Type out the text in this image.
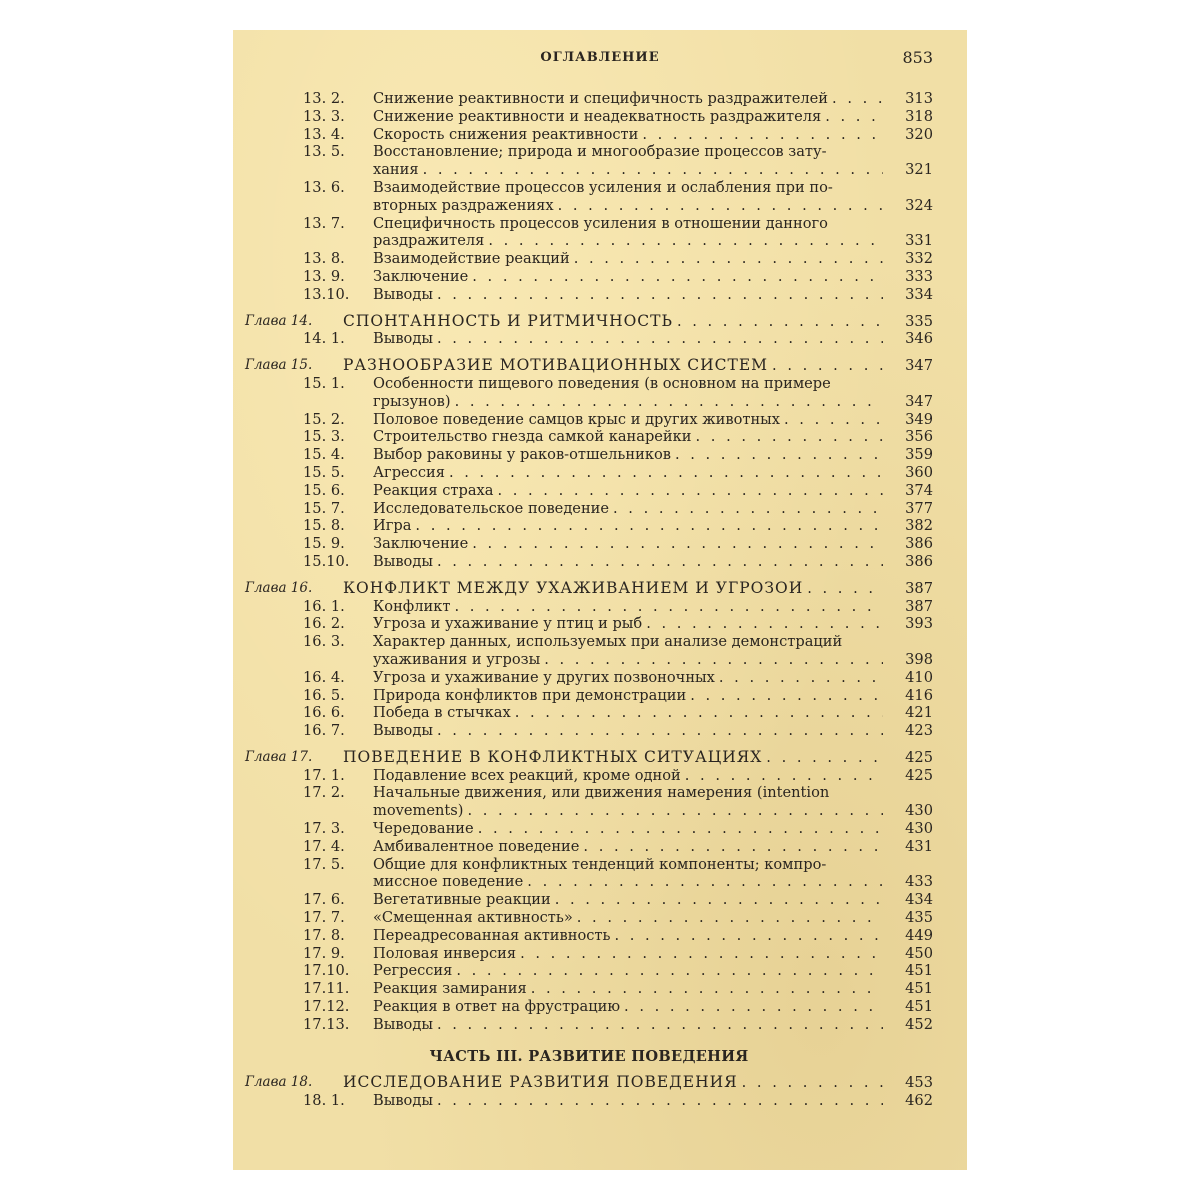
ОГЛАВЛЕНИЕ	853
13. 2.	Снижение реактивности и специфичность раздражителей . . .	313
13. 3.	Снижение реактивности и неадекватность раздражителя . . .	318
13. 4.	Скорость снижения реактивности . . .	320
13. 5.	Восстановление; природа и многообразие процессов зату-
хания . . .	321
13. 6.	Взаимодействие процессов усиления и ослабления при по-
вторных раздражениях . . .	324
13. 7.	Специфичность процессов усиления в отношении данного
раздражителя . . .	331
13. 8.	Взаимодействие реакций . . .	332
13. 9.	Заключение . . .	333
13.10.	Выводы . . .	334
Глава 14.	СПОНТАННОСТЬ И РИТМИЧНОСТЬ . . .	335
14. 1.	Выводы . . .	346
Глава 15.	РАЗНООБРАЗИЕ МОТИВАЦИОННЫХ СИСТЕМ . . .	347
15. 1.	Особенности пищевого поведения (в основном на примере
грызунов) . . .	347
15. 2.	Половое поведение самцов крыс и других животных . . .	349
15. 3.	Строительство гнезда самкой канарейки . . .	356
15. 4.	Выбор раковины у раков-отшельников . . .	359
15. 5.	Агрессия . . .	360
15. 6.	Реакция страха . . .	374
15. 7.	Исследовательское поведение . . .	377
15. 8.	Игра . . .	382
15. 9.	Заключение . . .	386
15.10.	Выводы . . .	386
Глава 16.	КОНФЛИКТ МЕЖДУ УХАЖИВАНИЕМ И УГРОЗОЙ . . .	387
16. 1.	Конфликт . . .	387
16. 2.	Угроза и ухаживание у птиц и рыб . . .	393
16. 3.	Характер данных, используемых при анализе демонстраций
ухаживания и угрозы . . .	398
16. 4.	Угроза и ухаживание у других позвоночных . . .	410
16. 5.	Природа конфликтов при демонстрации . . .	416
16. 6.	Победа в стычках . . .	421
16. 7.	Выводы . . .	423
Глава 17.	ПОВЕДЕНИЕ В КОНФЛИКТНЫХ СИТУАЦИЯХ . . .	425
17. 1.	Подавление всех реакций, кроме одной . . .	425
17. 2.	Начальные движения, или движения намерения (intention
movements) . . .	430
17. 3.	Чередование . . .	430
17. 4.	Амбивалентное поведение . . .	431
17. 5.	Общие для конфликтных тенденций компоненты; компро-
миссное поведение . . .	433
17. 6.	Вегетативные реакции . . .	434
17. 7.	«Смещенная активность» . . .	435
17. 8.	Переадресованная активность . . .	449
17. 9.	Половая инверсия . . .	450
17.10.	Регрессия . . .	451
17.11.	Реакция замирания . . .	451
17.12.	Реакция в ответ на фрустрацию . . .	451
17.13.	Выводы . . .	452
ЧАСТЬ III. РАЗВИТИЕ ПОВЕДЕНИЯ
Глава 18.	ИССЛЕДОВАНИЕ РАЗВИТИЯ ПОВЕДЕНИЯ . . .	453
18. 1.	Выводы . . .	462
